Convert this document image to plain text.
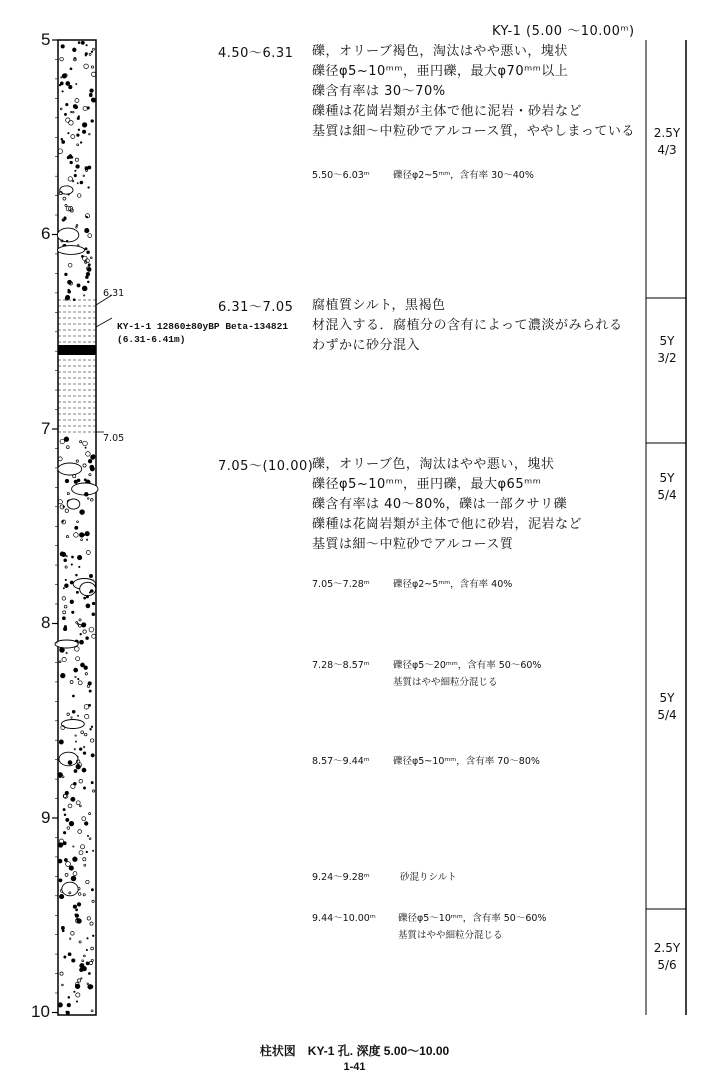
KY-1 (5.00 ～10.00ᵐ)
5
6
7
8
9
10
6.31
7.05
KY-1-1 12860±80yBP Beta-134821
(6.31-6.41m)
4.50～6.31 礫，オリーブ褐色，淘汰はやや悪い，塊状
礫径φ5~10ᵐᵐ，亜円礫，最大φ70ᵐᵐ以上
礫含有率は 30～70%
礫種は花崗岩類が主体で他に泥岩・砂岩など
基質は細～中粒砂でアルコース質，ややしまっている
5.50～6.03ᵐ 礫径φ2~5ᵐᵐ，含有率 30～40%
6.31～7.05 腐植質シルト，黒褐色
材混入する．腐植分の含有によって濃淡がみられる
わずかに砂分混入
7.05～(10.00)
礫，オリーブ色，淘汰はやや悪い，塊状
礫径φ5~10ᵐᵐ，亜円礫，最大φ65ᵐᵐ
礫含有率は 40～80%，礫は一部クサリ礫
礫種は花崗岩類が主体で他に砂岩，泥岩など
基質は細～中粒砂でアルコース質
7.05～7.28ᵐ 礫径φ2~5ᵐᵐ，含有率 40%
7.28～8.57ᵐ 礫径φ5～20ᵐᵐ，含有率 50～60%
基質はやや細粒分混じる
8.57～9.44ᵐ 礫径φ5~10ᵐᵐ，含有率 70～80%
9.24～9.28ᵐ	砂混りシルト
9.44～10.00ᵐ 礫径φ5～10ᵐᵐ，含有率 50～60%
基質はやや細粒分混じる
2.5Y
4/3
5Y
3/2
5Y
5/4
5Y
5/4
2.5Y
5/6
柱状図　KY-1 孔. 深度 5.00～10.00
1-41
